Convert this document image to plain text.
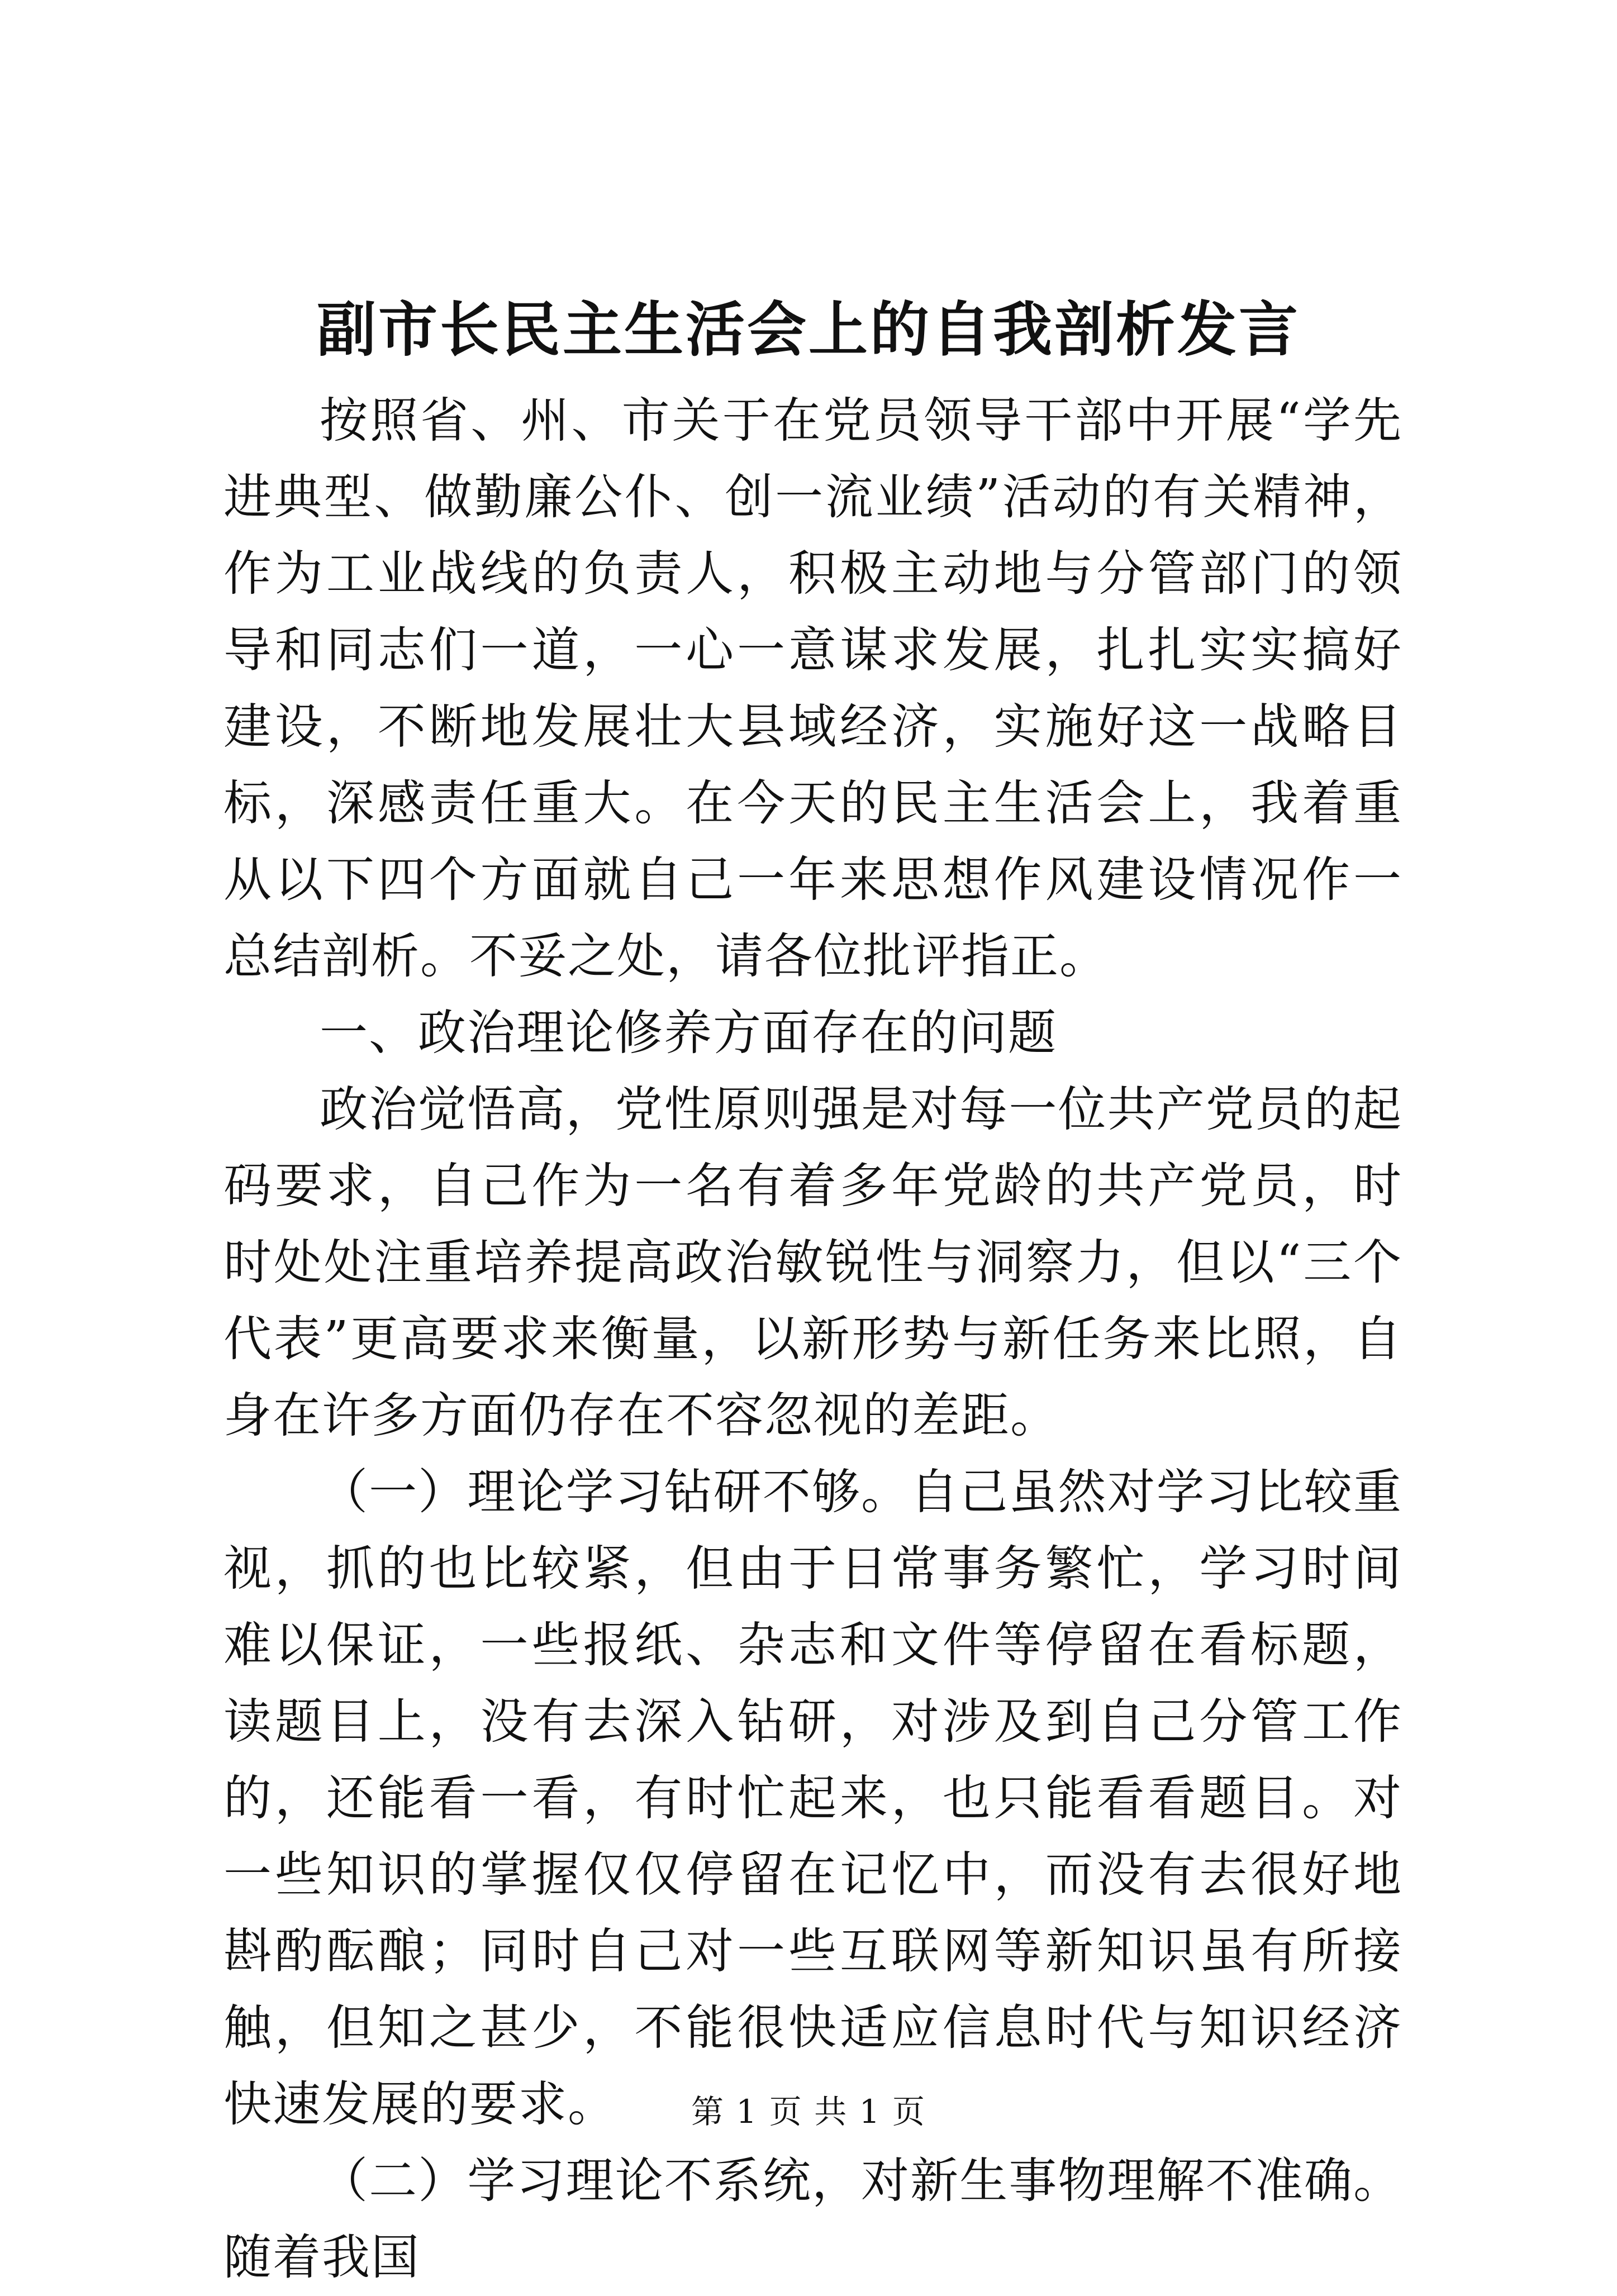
副市长民主生活会上的自我剖析发言

按照省、州、市关于在党员领导干部中开展“学先进典型、做勤廉公仆、创一流业绩”活动的有关精神，作为工业战线的负责人，积极主动地与分管部门的领导和同志们一道，一心一意谋求发展，扎扎实实搞好建设，不断地发展壮大县域经济，实施好这一战略目标，深感责任重大。在今天的民主生活会上，我着重从以下四个方面就自己一年来思想作风建设情况作一总结剖析。不妥之处，请各位批评指正。

一、政治理论修养方面存在的问题

政治觉悟高，党性原则强是对每一位共产党员的起码要求，自己作为一名有着多年党龄的共产党员，时时处处注重培养提高政治敏锐性与洞察力，但以“三个代表”更高要求来衡量，以新形势与新任务来比照，自身在许多方面仍存在不容忽视的差距。

（一）理论学习钻研不够。自己虽然对学习比较重视，抓的也比较紧，但由于日常事务繁忙，学习时间难以保证，一些报纸、杂志和文件等停留在看标题，读题目上，没有去深入钻研，对涉及到自己分管工作的，还能看一看，有时忙起来，也只能看看题目。对一些知识的掌握仅仅停留在记忆中，而没有去很好地斟酌酝酿；同时自己对一些互联网等新知识虽有所接触，但知之甚少，不能很快适应信息时代与知识经济快速发展的要求。

（二）学习理论不系统，对新生事物理解不准确。随着我国

第 1 页 共 1 页
